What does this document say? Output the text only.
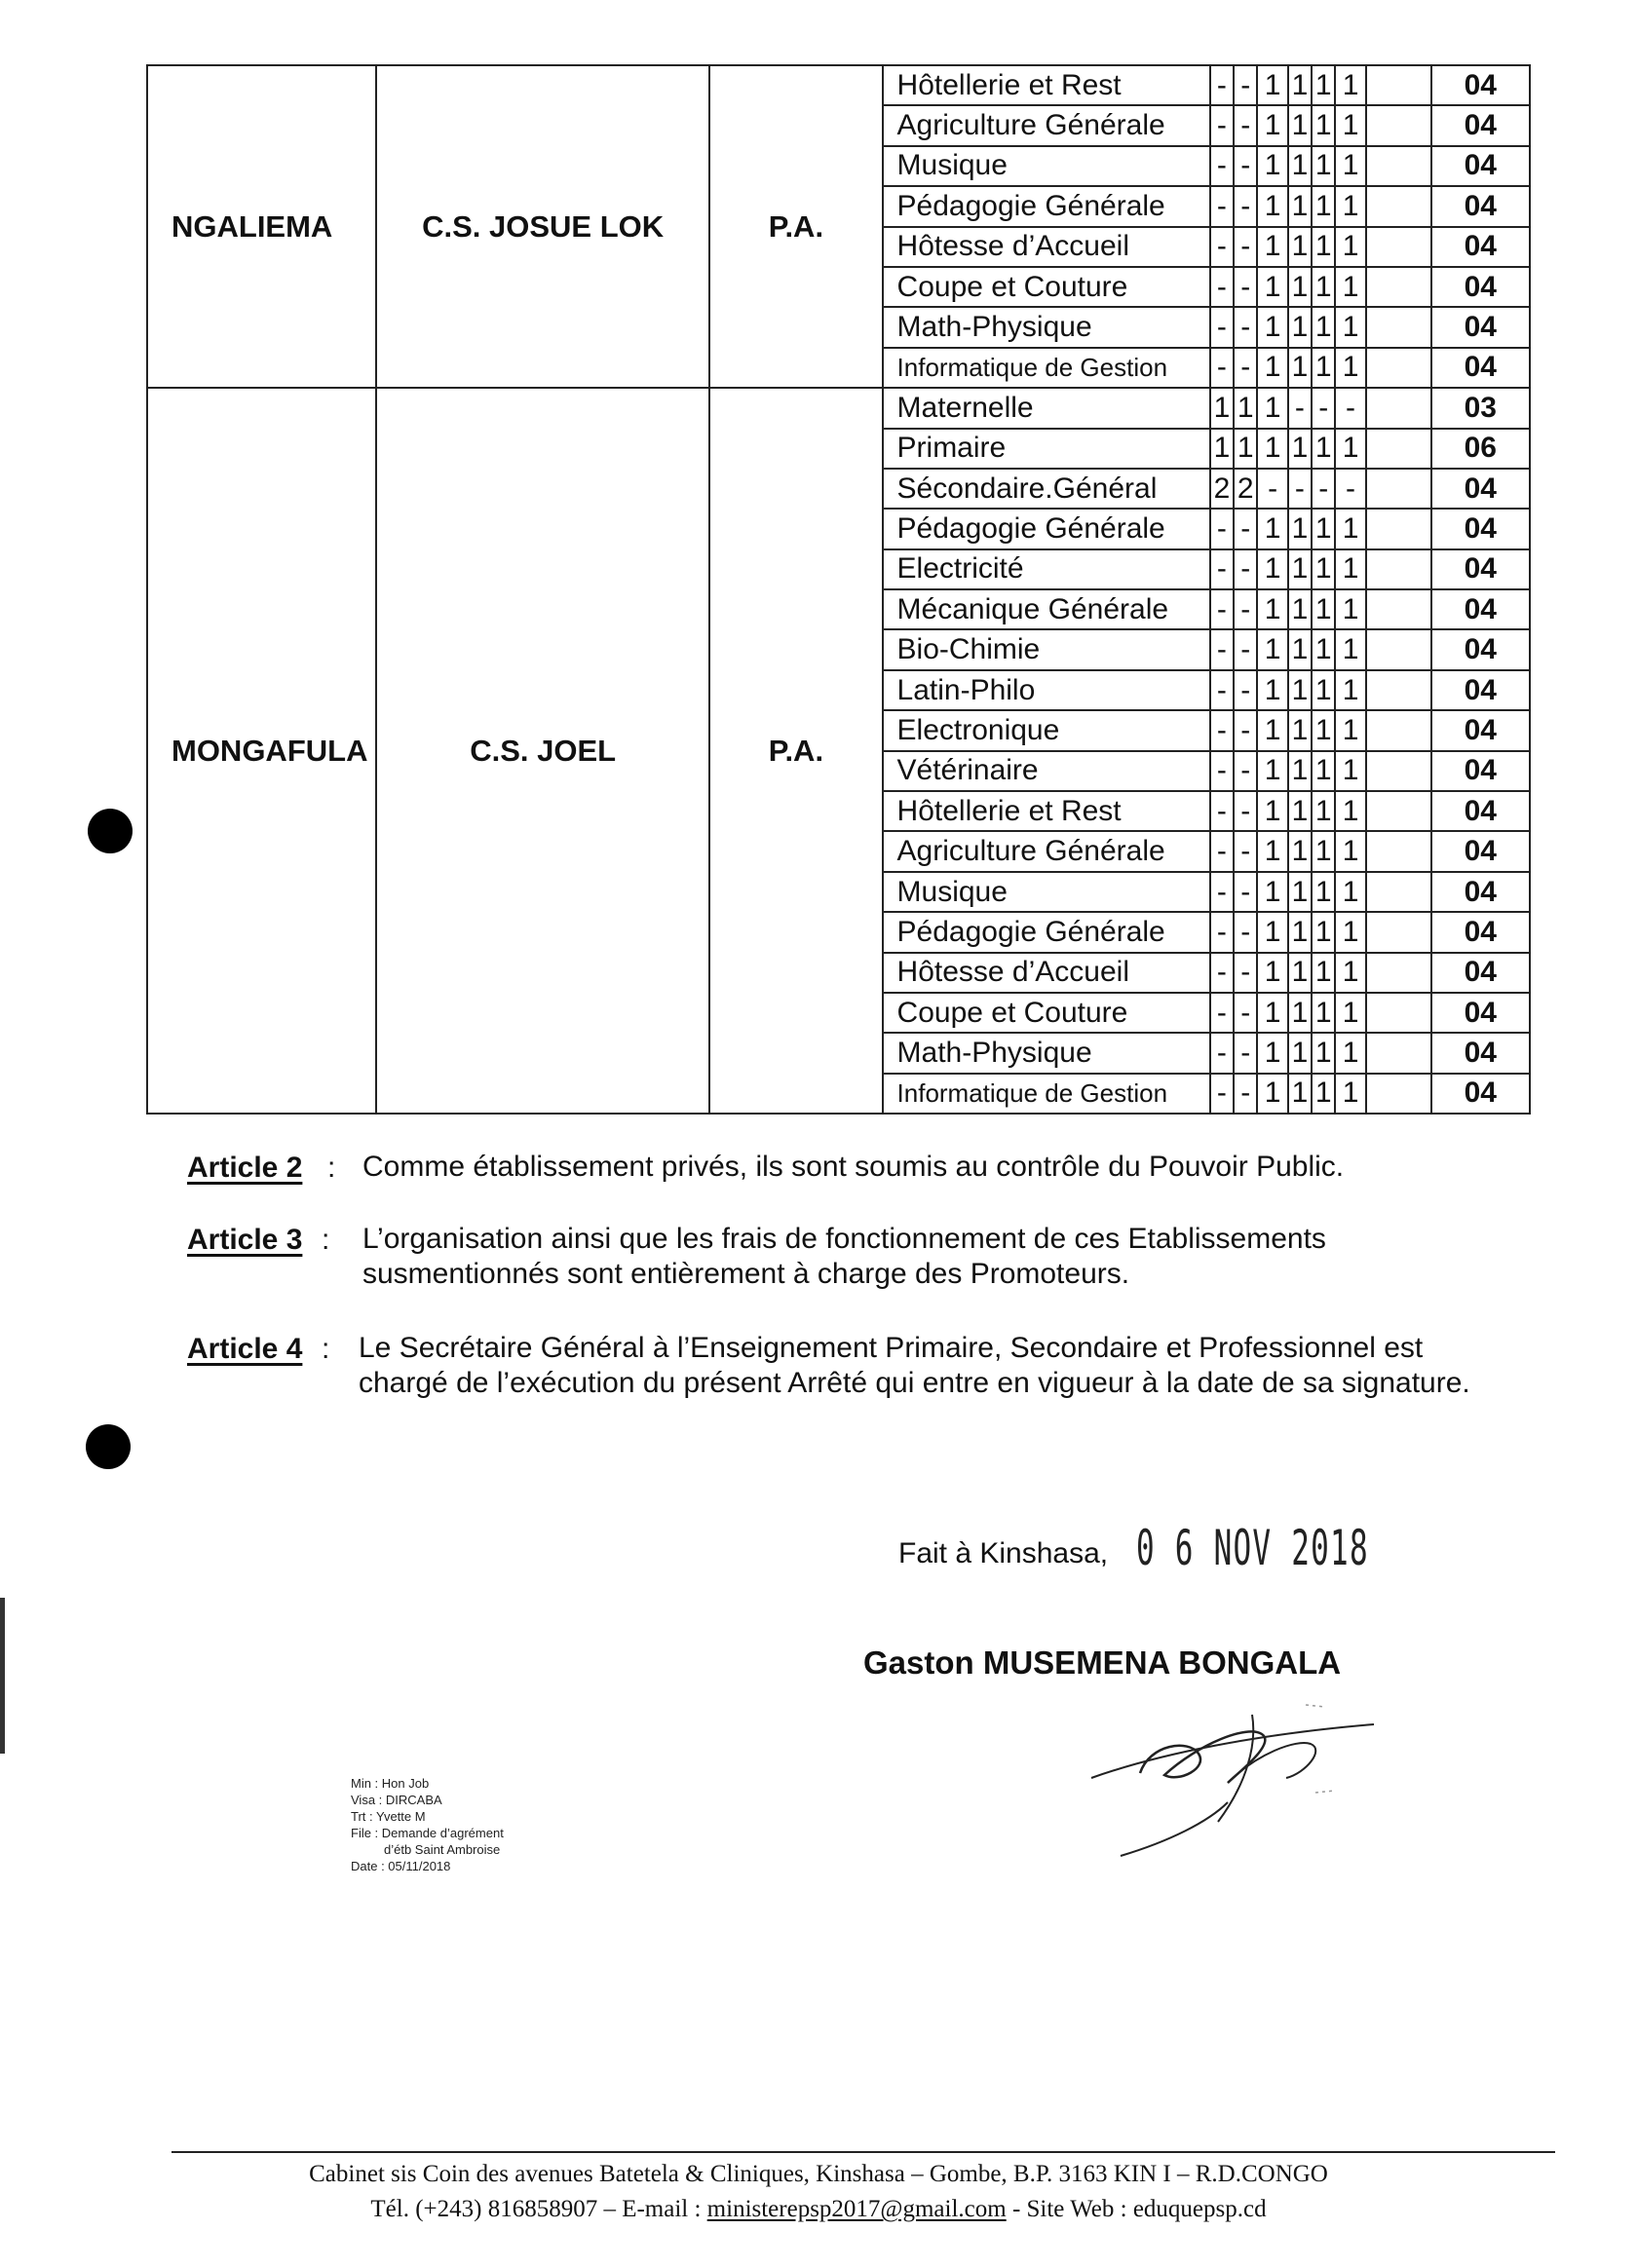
NGALIEMA	C.S. JOSUE LOK	P.A.	Hôtellerie et Rest	-	-	1	1	1	1		04
			Agriculture Générale	-	-	1	1	1	1		04
			Musique	-	-	1	1	1	1		04
			Pédagogie Générale	-	-	1	1	1	1		04
			Hôtesse d’Accueil	-	-	1	1	1	1		04
			Coupe et Couture	-	-	1	1	1	1		04
			Math-Physique	-	-	1	1	1	1		04
			Informatique de Gestion	-	-	1	1	1	1		04
MONGAFULA	C.S. JOEL	P.A.	Maternelle	1	1	1	-	-	-		03
			Primaire	1	1	1	1	1	1		06
			Sécondaire.Général	2	2	-	-	-	-		04
			Pédagogie Générale	-	-	1	1	1	1		04
			Electricité	-	-	1	1	1	1		04
			Mécanique Générale	-	-	1	1	1	1		04
			Bio-Chimie	-	-	1	1	1	1		04
			Latin-Philo	-	-	1	1	1	1		04
			Electronique	-	-	1	1	1	1		04
			Vétérinaire	-	-	1	1	1	1		04
			Hôtellerie et Rest	-	-	1	1	1	1		04
			Agriculture Générale	-	-	1	1	1	1		04
			Musique	-	-	1	1	1	1		04
			Pédagogie Générale	-	-	1	1	1	1		04
			Hôtesse d’Accueil	-	-	1	1	1	1		04
			Coupe et Couture	-	-	1	1	1	1		04
			Math-Physique	-	-	1	1	1	1		04
			Informatique de Gestion	-	-	1	1	1	1		04
Article 2 : Comme établissement privés, ils sont soumis au contrôle du Pouvoir Public.
Article 3 : L’organisation ainsi que les frais de fonctionnement de ces Etablissements susmentionnés sont entièrement à charge des Promoteurs.
Article 4 : Le Secrétaire Général à l’Enseignement Primaire, Secondaire et Professionnel est chargé de l’exécution du présent Arrêté qui entre en vigueur à la date de sa signature.
Fait à Kinshasa, 0 6 NOV 2018
Gaston MUSEMENA BONGALA
Min : Hon Job
Visa : DIRCABA
Trt : Yvette M
File : Demande d’agrément
d’étb Saint Ambroise
Date : 05/11/2018
Cabinet sis Coin des avenues Batetela & Cliniques, Kinshasa – Gombe, B.P. 3163 KIN I – R.D.CONGO
Tél. (+243) 816858907 – E-mail : ministerepsp2017@gmail.com - Site Web : eduquepsp.cd
